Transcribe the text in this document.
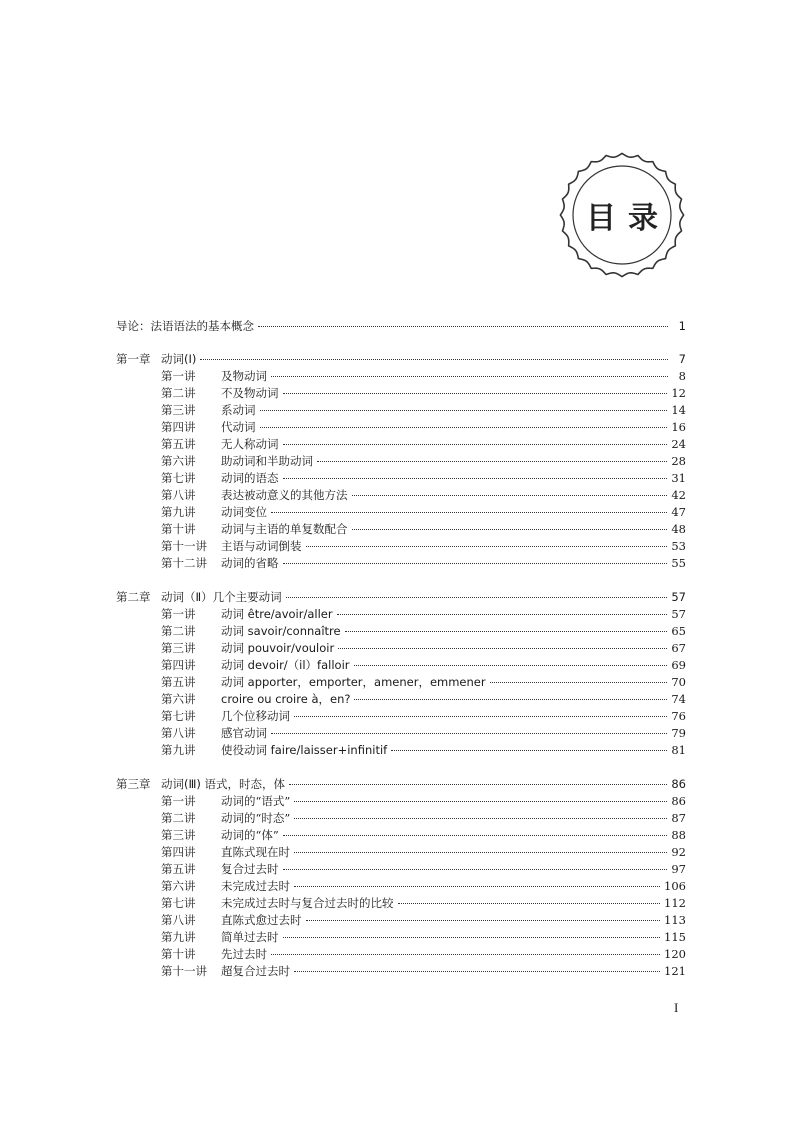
目录
导论：法语语法的基本概念	1
第一章 动词(Ⅰ)	7
第一讲	及物动词	8
第二讲	不及物动词	12
第三讲	系动词	14
第四讲	代动词	16
第五讲	无人称动词	24
第六讲	助动词和半助动词	28
第七讲	动词的语态	31
第八讲	表达被动意义的其他方法	42
第九讲	动词变位	47
第十讲	动词与主语的单复数配合	48
第十一讲	主语与动词倒装	53
第十二讲	动词的省略	55
第二章 动词（Ⅱ）几个主要动词	57
第一讲	动词 être/avoir/aller	57
第二讲	动词 savoir/connaître	65
第三讲	动词 pouvoir/vouloir	67
第四讲	动词 devoir/（il）falloir	69
第五讲	动词 apporter，emporter，amener，emmener	70
第六讲	croire ou croire à，en?	74
第七讲	几个位移动词	76
第八讲	感官动词	79
第九讲	使役动词 faire/laisser+infinitif	81
第三章 动词(Ⅲ) 语式，时态，体	86
第一讲	动词的“语式”	86
第二讲	动词的“时态”	87
第三讲	动词的“体”	88
第四讲	直陈式现在时	92
第五讲	复合过去时	97
第六讲	未完成过去时	106
第七讲	未完成过去时与复合过去时的比较	112
第八讲	直陈式愈过去时	113
第九讲	简单过去时	115
第十讲	先过去时	120
第十一讲	超复合过去时	121
I
